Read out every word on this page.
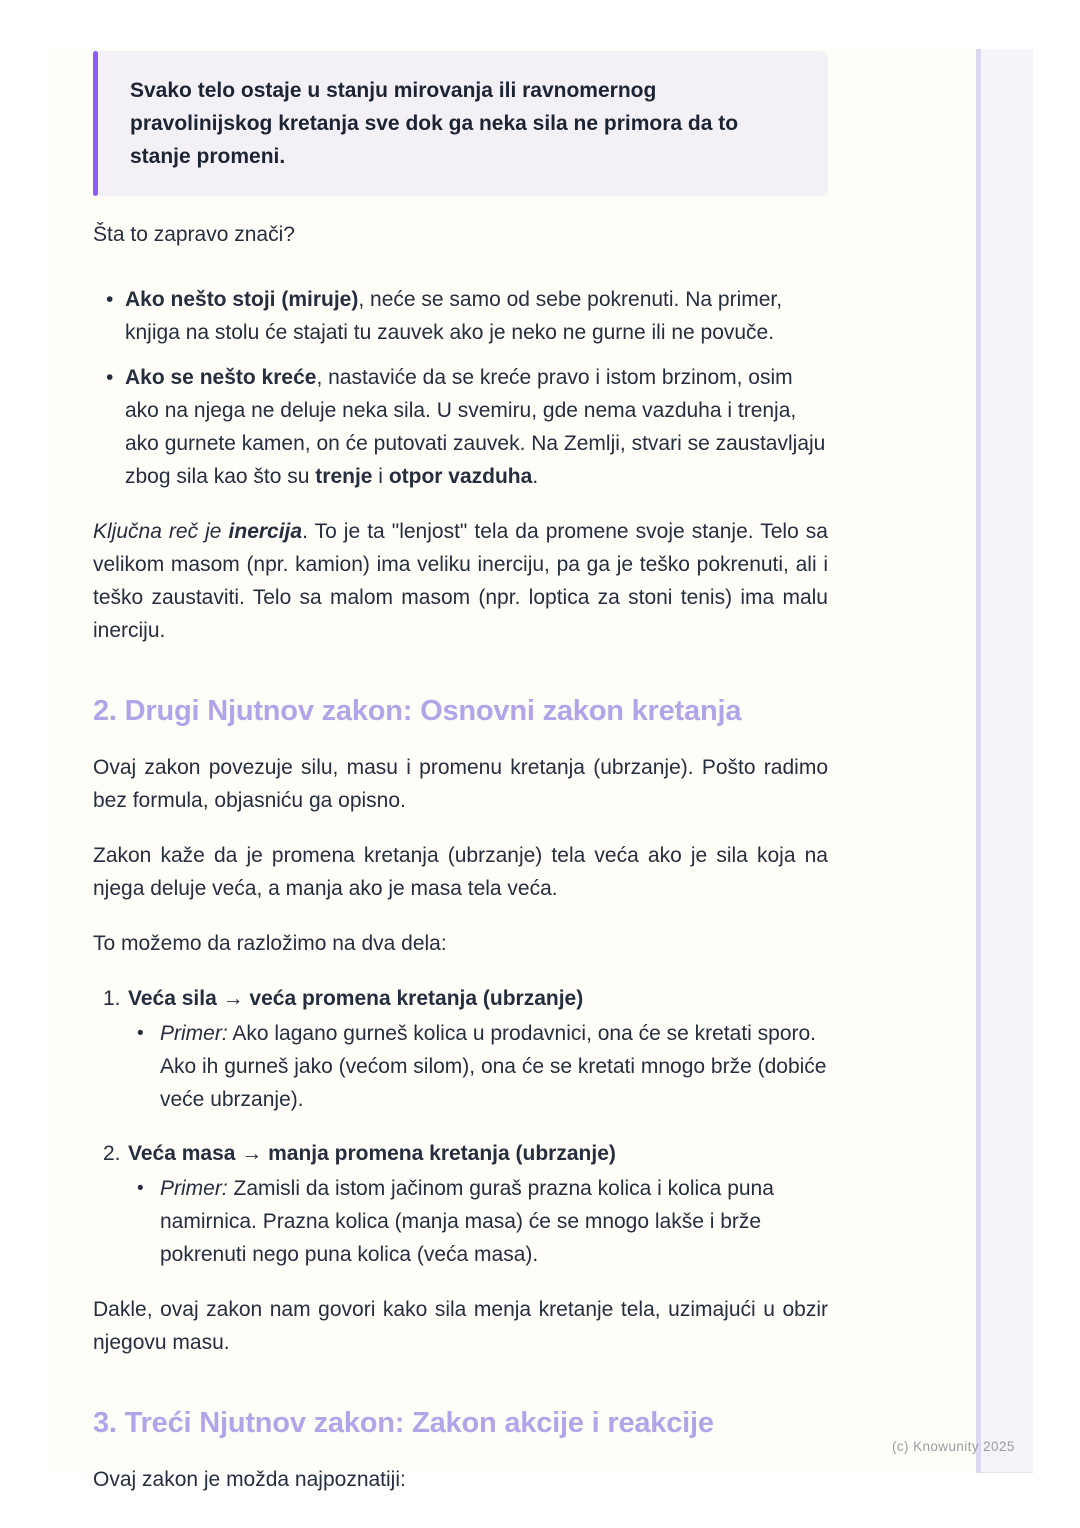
Svako telo ostaje u stanju mirovanja ili ravnomernog pravolinijskog kretanja sve dok ga neka sila ne primora da to stanje promeni.

Šta to zapravo znači?

• Ako nešto stoji (miruje), neće se samo od sebe pokrenuti. Na primer, knjiga na stolu će stajati tu zauvek ako je neko ne gurne ili ne povuče.
• Ako se nešto kreće, nastaviće da se kreće pravo i istom brzinom, osim ako na njega ne deluje neka sila. U svemiru, gde nema vazduha i trenja, ako gurnete kamen, on će putovati zauvek. Na Zemlji, stvari se zaustavljaju zbog sila kao što su trenje i otpor vazduha.

Ključna reč je inercija. To je ta "lenjost" tela da promene svoje stanje. Telo sa velikom masom (npr. kamion) ima veliku inerciju, pa ga je teško pokrenuti, ali i teško zaustaviti. Telo sa malom masom (npr. loptica za stoni tenis) ima malu inerciju.

2. Drugi Njutnov zakon: Osnovni zakon kretanja

Ovaj zakon povezuje silu, masu i promenu kretanja (ubrzanje). Pošto radimo bez formula, objasniću ga opisno.

Zakon kaže da je promena kretanja (ubrzanje) tela veća ako je sila koja na njega deluje veća, a manja ako je masa tela veća.

To možemo da razložimo na dva dela:

1. Veća sila → veća promena kretanja (ubrzanje)
• Primer: Ako lagano gurneš kolica u prodavnici, ona će se kretati sporo. Ako ih gurneš jako (većom silom), ona će se kretati mnogo brže (dobiće veće ubrzanje).
2. Veća masa → manja promena kretanja (ubrzanje)
• Primer: Zamisli da istom jačinom guraš prazna kolica i kolica puna namirnica. Prazna kolica (manja masa) će se mnogo lakše i brže pokrenuti nego puna kolica (veća masa).

Dakle, ovaj zakon nam govori kako sila menja kretanje tela, uzimajući u obzir njegovu masu.

3. Treći Njutnov zakon: Zakon akcije i reakcije

Ovaj zakon je možda najpoznatiji:

(c) Knowunity 2025
